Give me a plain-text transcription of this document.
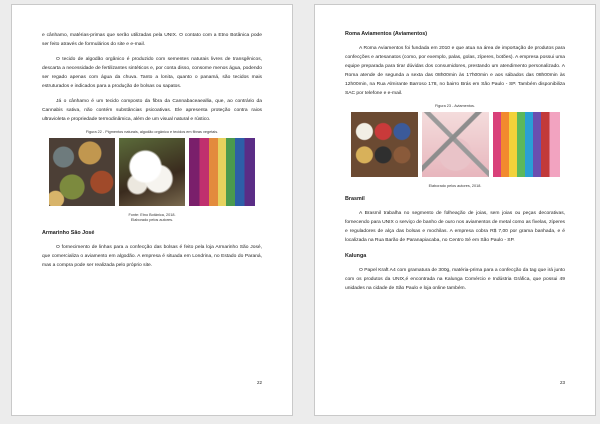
e cânhamo, matérias-primas que serão utilizadas pela UNIX. O contato com a Etno Botânica pode ser feito através de formulários do site e e-mail.

O tecido de algodão orgânico é produzido com sementes naturais livres de transgênicos, descarta a necessidade de fertilizantes sintéticos e, por conta disso, consome menos água, podendo ser regado apenas com água da chuva. Tanto a lonita, quanto o panamá, são tecidos mais estruturados e indicados para a produção de bolsas ou sapatos.

Já o cânhamo é um tecido composto da fibra da Cannabaceaeallia, que, ao contrário da Cannabis sativa, não contém substâncias psicoativas. Ele apresenta proteção contra raios ultravioleta e propriedade termodinâmica, além de um visual natural e rústico.

Figura 22 - Pigmentos naturais, algodão orgânico e tecidos em fibras vegetais.
Fonte: Etno Botânica, 2018.
Elaborado pelos autores.
Armarinho São José

O fornecimento de linhas para a confecção das bolsas é feito pela loja Armarinho São José, que comercializa o aviamento em algodão. A empresa é situada em Londrina, no Estado do Paraná, mas a compra pode ser realizada pelo próprio site.

22
Roma Aviamentos (Aviamentos)

A Roma Aviamentos foi fundada em 2010 e que atua na área de importação de produtos para confecções e artesanatos (como, por exemplo, palas, golas, zíperes, botões). A empresa possui uma equipe preparada para tirar dúvidas dos consumidores, prestando um atendimento personalizado. A Roma atende de segunda a sexta das 08h00min às 17h00min e aos sábados das 08h00min às 12h00min, na Rua Almirante Barroso 178, no bairro Brás em São Paulo - SP. Também disponibiliza SAC por telefone e e-mail.

Figura 23 - Aviamentos.
Elaborado pelos autores, 2018.
Brasmil

A Brasmil trabalha no segmento de folheação de joias, sem joias ou peças decorativas, fornecendo para UNIX o serviço de banho de ouro nos aviamentos de metal como as fivelas, zíperes e reguladores de alça das bolsas e mochilas. A empresa cobra R$ 7,00 por grama banhada, e é localizada na Rua Barão de Paranapiacaba, no Centro Sé em São Paulo - SP.

Kalunga

O Papel Kraft A4 com gramatura de 300g, matéria-prima para a confecção da tag que irá junto com os produtos da UNIX,é encontrada na Kalunga Comércio e Indústria Gráfica, que possui 49 unidades na cidade de São Paulo e loja online também.

23
